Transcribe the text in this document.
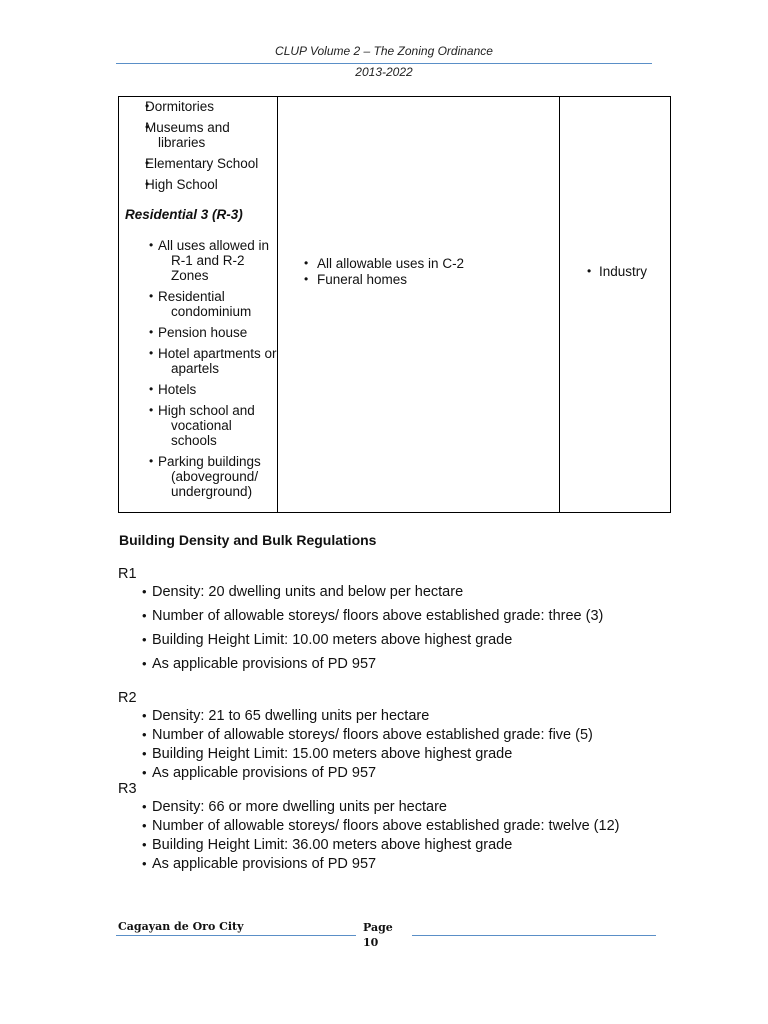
CLUP Volume 2 – The Zoning Ordinance
2013-2022
• Dormitories
• Museums and libraries
• Elementary School
• High School
Residential 3 (R-3)
• All uses allowed in R-1 and R-2 Zones
• Residential condominium
• Pension house
• Hotel apartments or apartels
• Hotels
• High school and vocational schools
• Parking buildings (aboveground/ underground)

• All allowable uses in C-2
• Funeral homes

• Industry
Building Density and Bulk Regulations
R1
• Density: 20 dwelling units and below per hectare
• Number of allowable storeys/ floors above established grade: three (3)
• Building Height Limit: 10.00 meters above highest grade
• As applicable provisions of PD 957
R2
• Density: 21 to 65 dwelling units per hectare
• Number of allowable storeys/ floors above established grade: five (5)
• Building Height Limit: 15.00 meters above highest grade
• As applicable provisions of PD 957
R3
• Density: 66 or more dwelling units per hectare
• Number of allowable storeys/ floors above established grade: twelve (12)
• Building Height Limit: 36.00 meters above highest grade
• As applicable provisions of PD 957
Cagayan de Oro City	Page
10
